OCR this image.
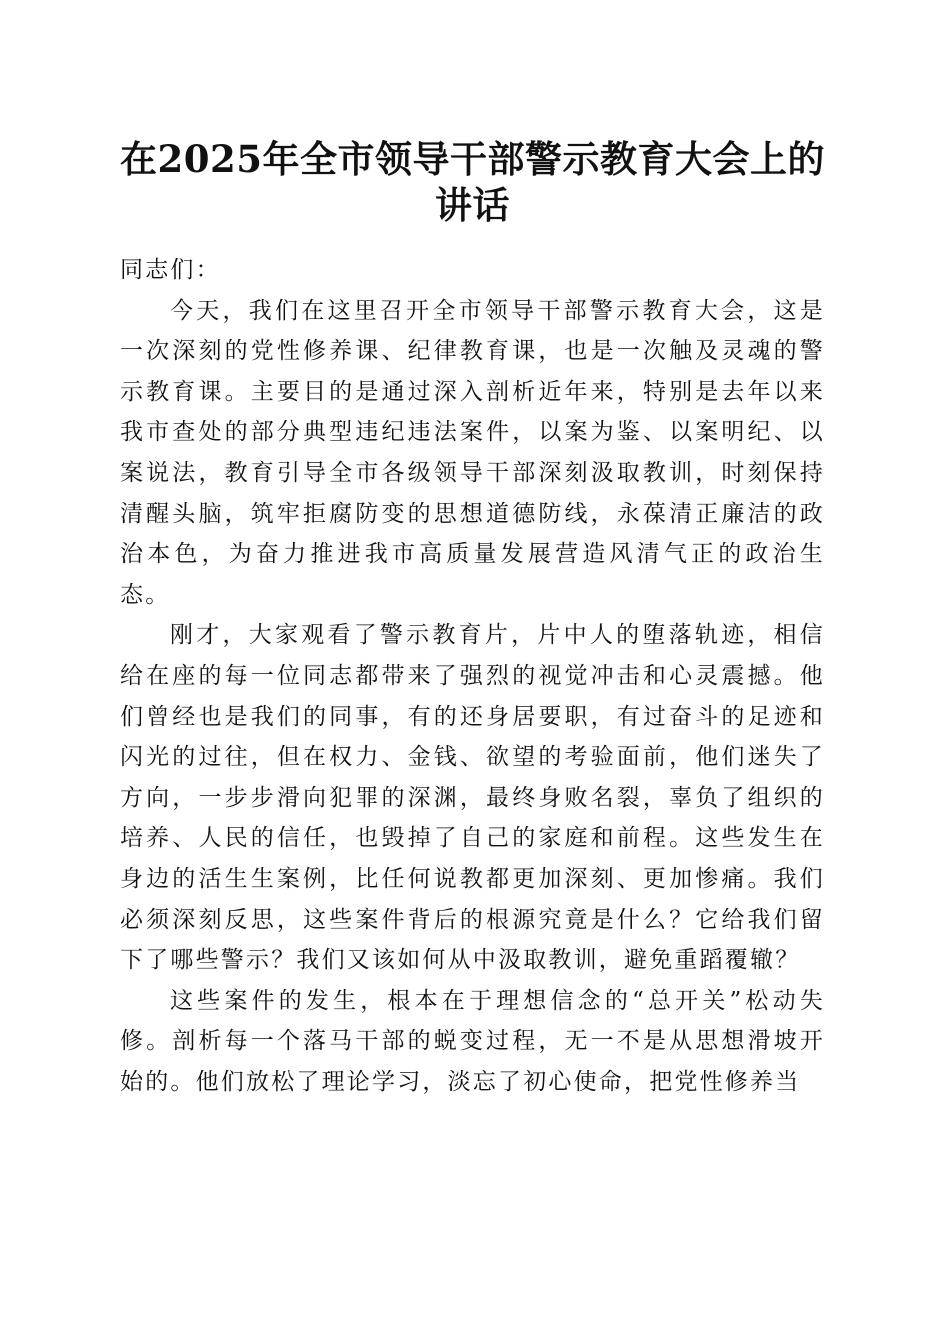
在2025年全市领导干部警示教育大会上的讲话

同志们：

今天，我们在这里召开全市领导干部警示教育大会，这是一次深刻的党性修养课、纪律教育课，也是一次触及灵魂的警示教育课。主要目的是通过深入剖析近年来，特别是去年以来我市查处的部分典型违纪违法案件，以案为鉴、以案明纪、以案说法，教育引导全市各级领导干部深刻汲取教训，时刻保持清醒头脑，筑牢拒腐防变的思想道德防线，永葆清正廉洁的政治本色，为奋力推进我市高质量发展营造风清气正的政治生态。

刚才，大家观看了警示教育片，片中人的堕落轨迹，相信给在座的每一位同志都带来了强烈的视觉冲击和心灵震撼。他们曾经也是我们的同事，有的还身居要职，有过奋斗的足迹和闪光的过往，但在权力、金钱、欲望的考验面前，他们迷失了方向，一步步滑向犯罪的深渊，最终身败名裂，辜负了组织的培养、人民的信任，也毁掉了自己的家庭和前程。这些发生在身边的活生生案例，比任何说教都更加深刻、更加惨痛。我们必须深刻反思，这些案件背后的根源究竟是什么？它给我们留下了哪些警示？我们又该如何从中汲取教训，避免重蹈覆辙？

这些案件的发生，根本在于理想信念的“总开关”松动失修。剖析每一个落马干部的蜕变过程，无一不是从思想滑坡开始的。他们放松了理论学习，淡忘了初心使命，把党性修养当
